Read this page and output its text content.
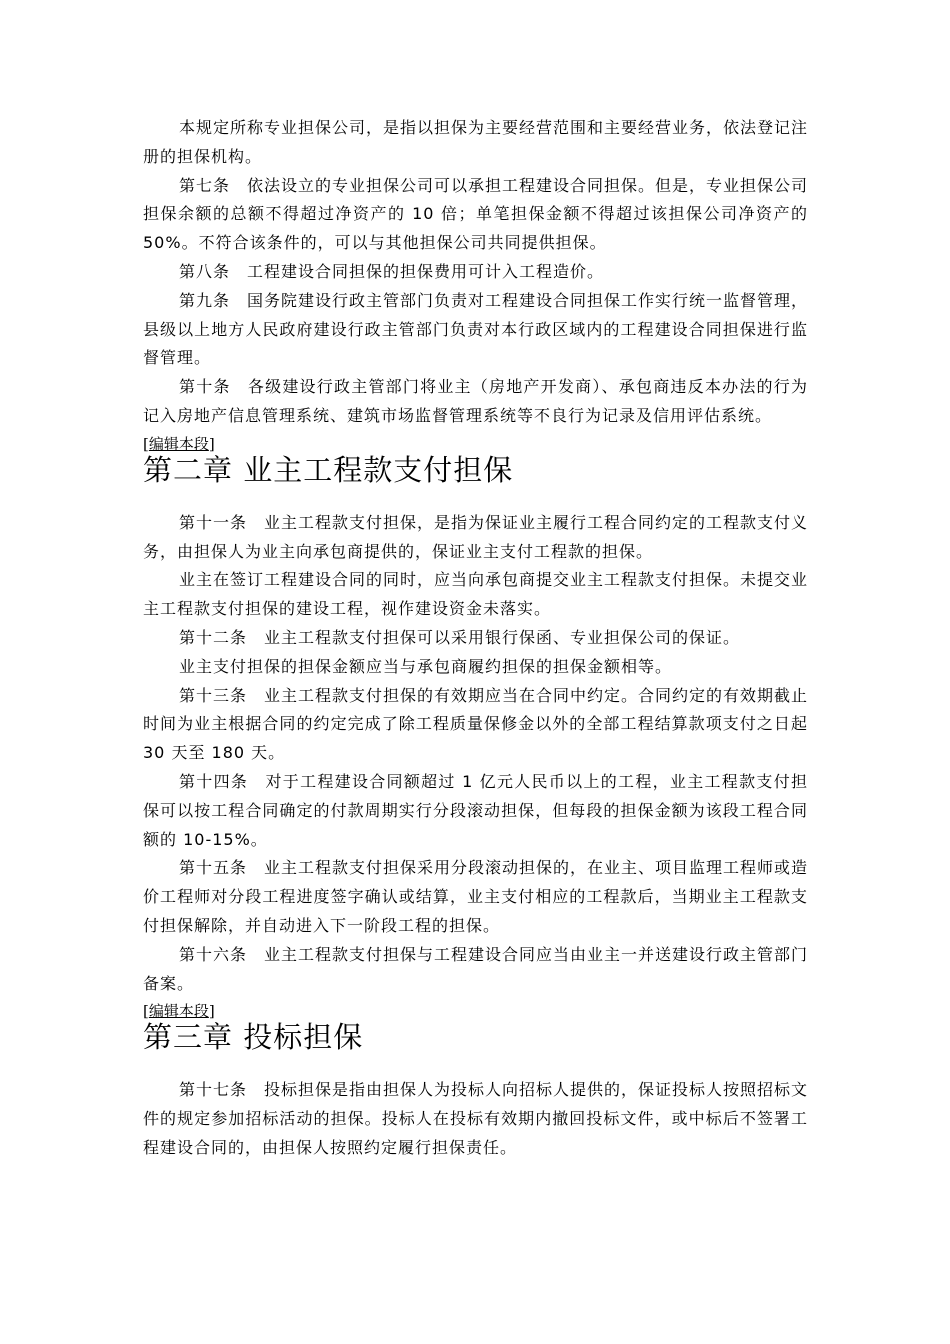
本规定所称专业担保公司，是指以担保为主要经营范围和主要经营业务，依法登记注册的担保机构。

第七条　依法设立的专业担保公司可以承担工程建设合同担保。但是，专业担保公司担保余额的总额不得超过净资产的 10 倍；单笔担保金额不得超过该担保公司净资产的 50%。不符合该条件的，可以与其他担保公司共同提供担保。

第八条　工程建设合同担保的担保费用可计入工程造价。

第九条　国务院建设行政主管部门负责对工程建设合同担保工作实行统一监督管理，县级以上地方人民政府建设行政主管部门负责对本行政区域内的工程建设合同担保进行监督管理。

第十条　各级建设行政主管部门将业主（房地产开发商）、承包商违反本办法的行为记入房地产信息管理系统、建筑市场监督管理系统等不良行为记录及信用评估系统。

[编辑本段]
第二章 业主工程款支付担保

第十一条　业主工程款支付担保，是指为保证业主履行工程合同约定的工程款支付义务，由担保人为业主向承包商提供的，保证业主支付工程款的担保。

业主在签订工程建设合同的同时，应当向承包商提交业主工程款支付担保。未提交业主工程款支付担保的建设工程，视作建设资金未落实。

第十二条　业主工程款支付担保可以采用银行保函、专业担保公司的保证。

业主支付担保的担保金额应当与承包商履约担保的担保金额相等。

第十三条　业主工程款支付担保的有效期应当在合同中约定。合同约定的有效期截止时间为业主根据合同的约定完成了除工程质量保修金以外的全部工程结算款项支付之日起 30 天至 180 天。

第十四条　对于工程建设合同额超过 1 亿元人民币以上的工程，业主工程款支付担保可以按工程合同确定的付款周期实行分段滚动担保，但每段的担保金额为该段工程合同额的 10-15%。

第十五条　业主工程款支付担保采用分段滚动担保的，在业主、项目监理工程师或造价工程师对分段工程进度签字确认或结算，业主支付相应的工程款后，当期业主工程款支付担保解除，并自动进入下一阶段工程的担保。

第十六条　业主工程款支付担保与工程建设合同应当由业主一并送建设行政主管部门备案。

[编辑本段]
第三章 投标担保

第十七条　投标担保是指由担保人为投标人向招标人提供的，保证投标人按照招标文件的规定参加招标活动的担保。投标人在投标有效期内撤回投标文件，或中标后不签署工程建设合同的，由担保人按照约定履行担保责任。
